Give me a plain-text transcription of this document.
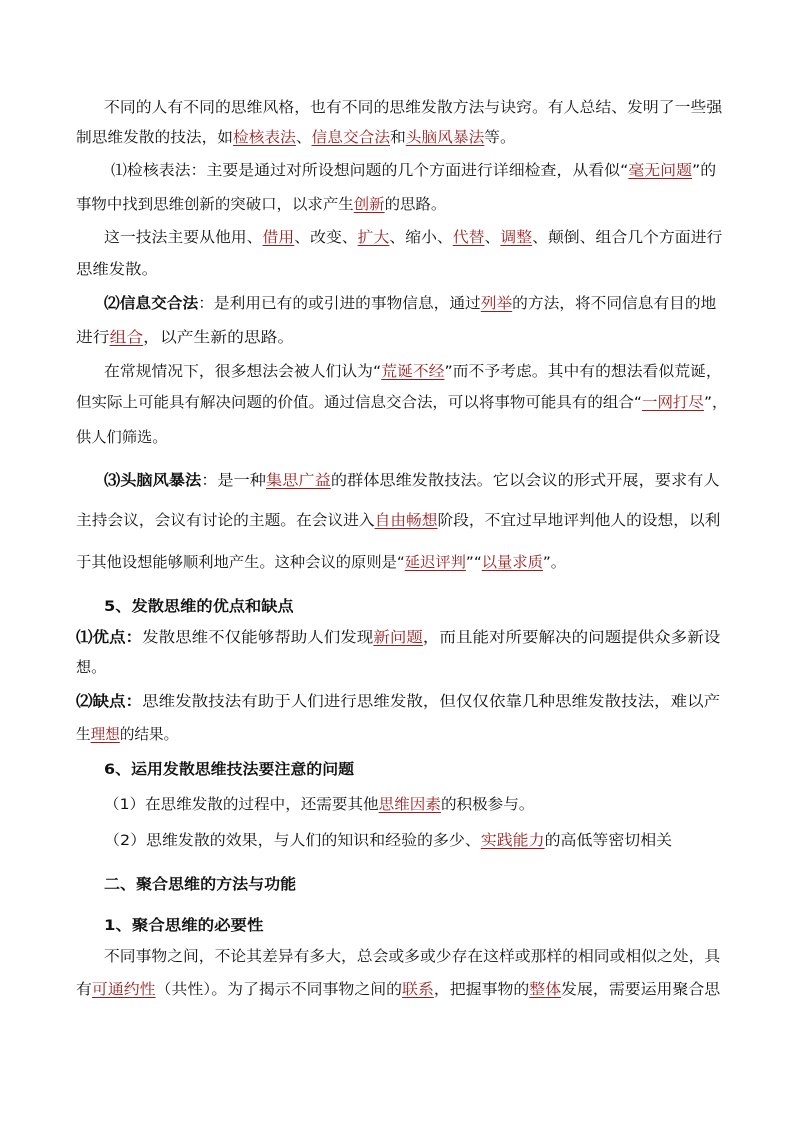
不同的人有不同的思维风格，也有不同的思维发散方法与诀窍。有人总结、发明了一些强
制思维发散的技法，如检核表法、信息交合法和头脑风暴法等。
⑴检核表法：主要是通过对所设想问题的几个方面进行详细检查，从看似“毫无问题”的
事物中找到思维创新的突破口，以求产生创新的思路。
这一技法主要从他用、借用、改变、扩大、缩小、代替、调整、颠倒、组合几个方面进行
思维发散。
⑵信息交合法：是利用已有的或引进的事物信息，通过列举的方法，将不同信息有目的地
进行组合，以产生新的思路。
在常规情况下，很多想法会被人们认为“荒诞不经”而不予考虑。其中有的想法看似荒诞，
但实际上可能具有解决问题的价值。通过信息交合法，可以将事物可能具有的组合“一网打尽”，
供人们筛选。
⑶头脑风暴法：是一种集思广益的群体思维发散技法。它以会议的形式开展，要求有人
主持会议，会议有讨论的主题。在会议进入自由畅想阶段，不宜过早地评判他人的设想，以利
于其他设想能够顺利地产生。这种会议的原则是“延迟评判”“以量求质”。
5、发散思维的优点和缺点
⑴优点：发散思维不仅能够帮助人们发现新问题，而且能对所要解决的问题提供众多新设
想。
⑵缺点：思维发散技法有助于人们进行思维发散，但仅仅依靠几种思维发散技法，难以产
生理想的结果。
6、运用发散思维技法要注意的问题
（1）在思维发散的过程中，还需要其他思维因素的积极参与。
（2）思维发散的效果，与人们的知识和经验的多少、实践能力的高低等密切相关
二、聚合思维的方法与功能
1、聚合思维的必要性
不同事物之间，不论其差异有多大，总会或多或少存在这样或那样的相同或相似之处，具
有可通约性（共性）。为了揭示不同事物之间的联系，把握事物的整体发展，需要运用聚合思
